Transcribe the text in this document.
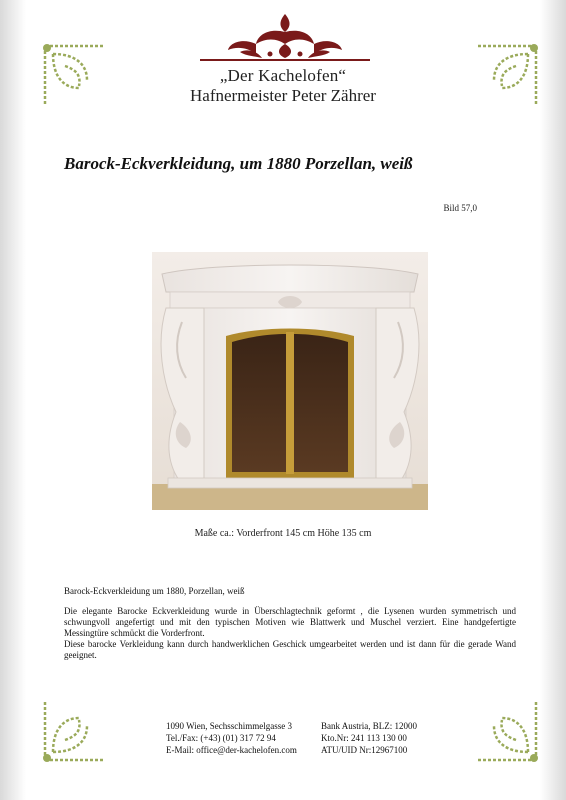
„Der Kachelofen“
Hafnermeister Peter Zährer
Barock-Eckverkleidung, um 1880 Porzellan, weiß
Bild 57,0
Maße ca.: Vorderfront 145 cm Höhe 135 cm

Barock-Eckverkleidung um 1880, Porzellan, weiß

Die elegante Barocke Eckverkleidung wurde in Überschlagtechnik geformt , die Lysenen wurden symmetrisch und schwungvoll angefertigt und mit den typischen Motiven wie Blattwerk und Muschel verziert. Eine handgefertigte Messingtüre schmückt die Vorderfront.

Diese barocke Verkleidung kann durch handwerklichen Geschick umgearbeitet werden und ist dann für die gerade Wand geeignet.

1090 Wien, Sechsschimmelgasse 3
Tel./Fax: (+43) (01) 317 72 94
E-Mail: office@der-kachelofen.com
Bank Austria, BLZ: 12000
Kto.Nr: 241 113 130 00
ATU/UID Nr:12967100
